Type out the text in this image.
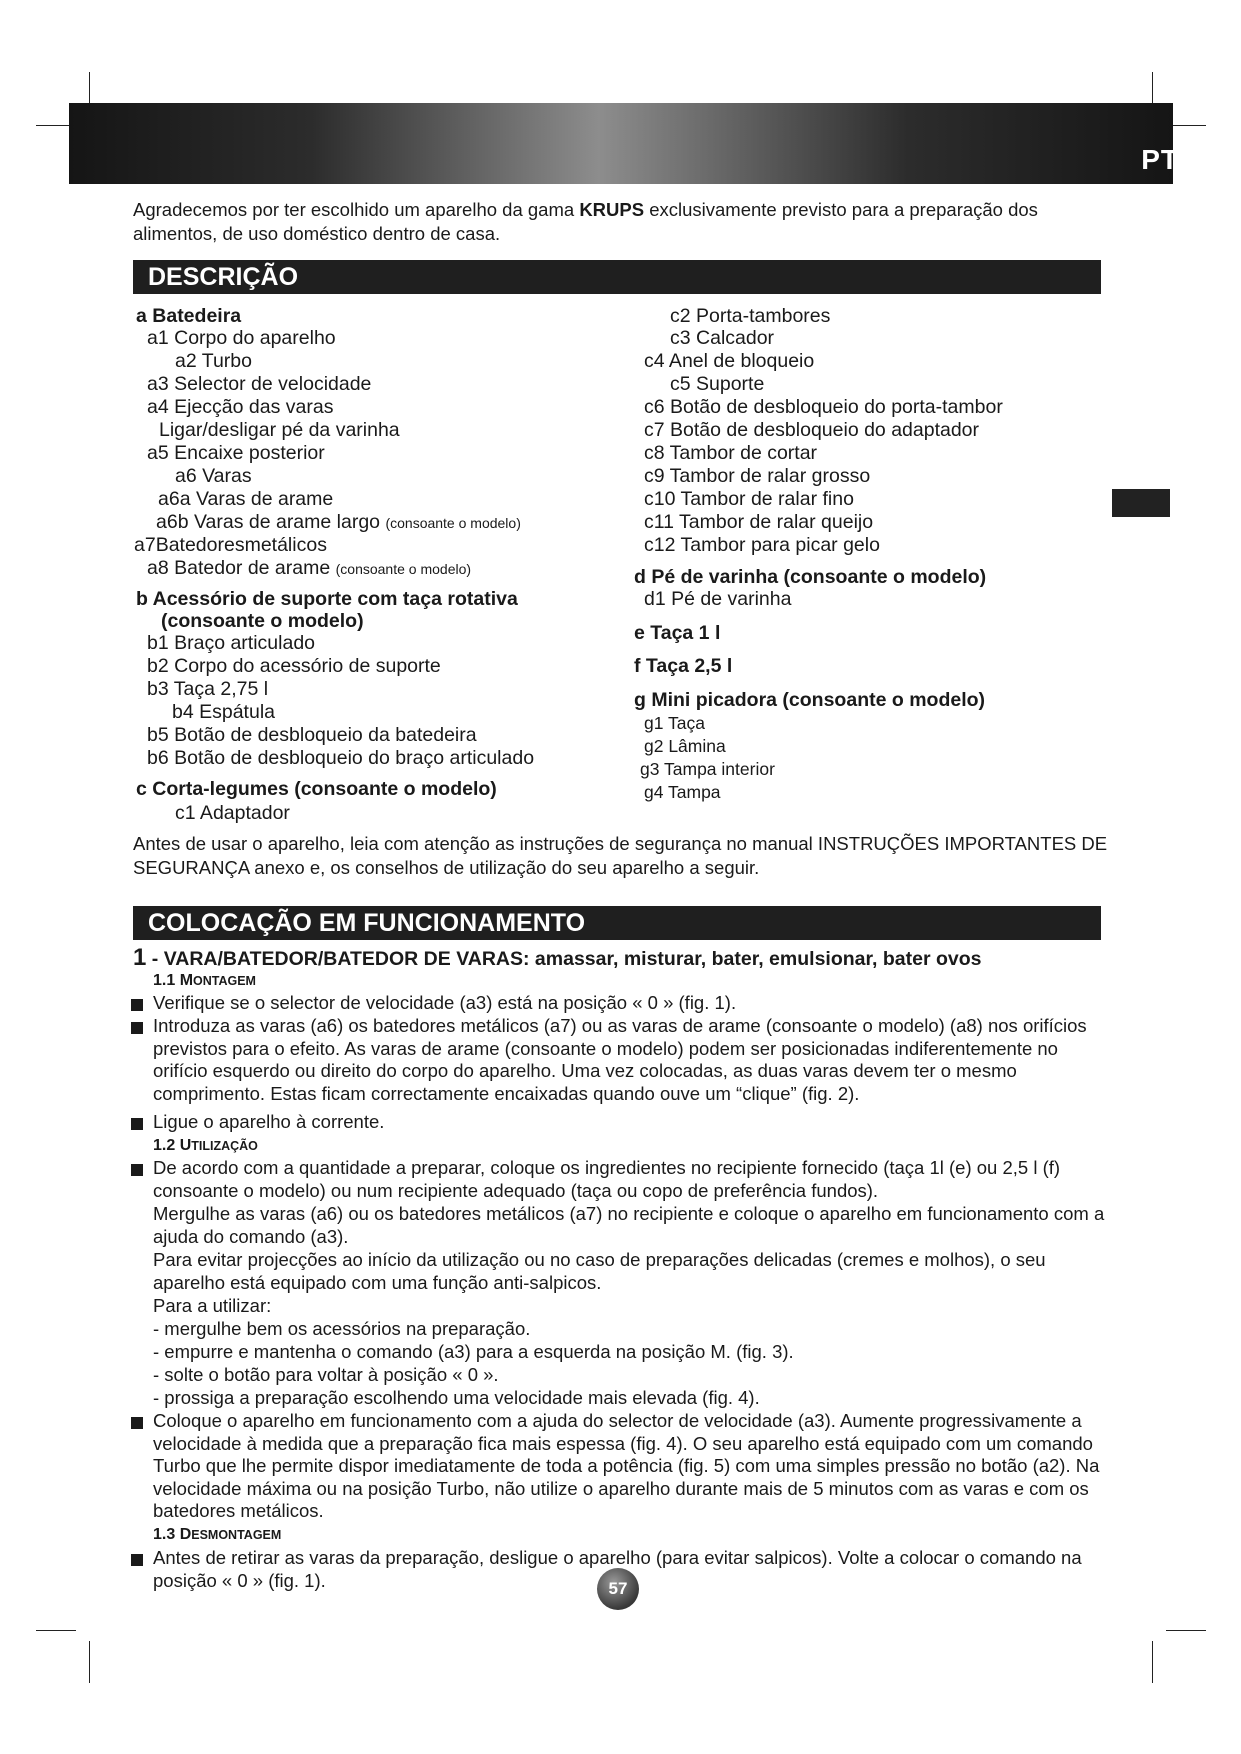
PT
Agradecemos por ter escolhido um aparelho da gama KRUPS exclusivamente previsto para a preparação dos alimentos, de uso doméstico dentro de casa.
DESCRIÇÃO
a Batedeira
a1 Corpo do aparelho
a2 Turbo
a3 Selector de velocidade
a4 Ejecção das varas
Ligar/desligar pé da varinha
a5 Encaixe posterior
a6 Varas
a6a Varas de arame
a6b Varas de arame largo (consoante o modelo)
a7Batedoresmetálicos
a8 Batedor de arame (consoante o modelo)
b Acessório de suporte com taça rotativa
(consoante o modelo)
b1 Braço articulado
b2 Corpo do acessório de suporte
b3 Taça 2,75 l
b4 Espátula
b5 Botão de desbloqueio da batedeira
b6 Botão de desbloqueio do braço articulado
c Corta-legumes (consoante o modelo)
c1 Adaptador
c2 Porta-tambores
c3 Calcador
c4 Anel de bloqueio
c5 Suporte
c6 Botão de desbloqueio do porta-tambor
c7 Botão de desbloqueio do adaptador
c8 Tambor de cortar
c9 Tambor de ralar grosso
c10 Tambor de ralar fino
c11 Tambor de ralar queijo
c12 Tambor para picar gelo
d Pé de varinha (consoante o modelo)
d1 Pé de varinha
e Taça 1 l
f Taça 2,5 l
g Mini picadora (consoante o modelo)
g1 Taça
g2 Lâmina
g3 Tampa interior
g4 Tampa
Antes de usar o aparelho, leia com atenção as instruções de segurança no manual INSTRUÇÕES IMPORTANTES DE SEGURANÇA anexo e, os conselhos de utilização do seu aparelho a seguir.
COLOCAÇÃO EM FUNCIONAMENTO
1 - VARA/BATEDOR/BATEDOR DE VARAS: amassar, misturar, bater, emulsionar, bater ovos
1.1 MONTAGEM
Verifique se o selector de velocidade (a3) está na posição « 0 » (fig. 1).
Introduza as varas (a6) os batedores metálicos (a7) ou as varas de arame (consoante o modelo) (a8) nos orifícios previstos para o efeito. As varas de arame (consoante o modelo) podem ser posicionadas indiferentemente no orifício esquerdo ou direito do corpo do aparelho. Uma vez colocadas, as duas varas devem ter o mesmo comprimento. Estas ficam correctamente encaixadas quando ouve um “clique” (fig. 2).
Ligue o aparelho à corrente.
1.2 UTILIZAÇÃO
De acordo com a quantidade a preparar, coloque os ingredientes no recipiente fornecido (taça 1l (e) ou 2,5 l (f) consoante o modelo) ou num recipiente adequado (taça ou copo de preferência fundos).
Mergulhe as varas (a6) ou os batedores metálicos (a7) no recipiente e coloque o aparelho em funcionamento com a ajuda do comando (a3).
Para evitar projecções ao início da utilização ou no caso de preparações delicadas (cremes e molhos), o seu aparelho está equipado com uma função anti-salpicos.
Para a utilizar:
- mergulhe bem os acessórios na preparação.
- empurre e mantenha o comando (a3) para a esquerda na posição M. (fig. 3).
- solte o botão para voltar à posição « 0 ».
- prossiga a preparação escolhendo uma velocidade mais elevada (fig. 4).
Coloque o aparelho em funcionamento com a ajuda do selector de velocidade (a3). Aumente progressivamente a velocidade à medida que a preparação fica mais espessa (fig. 4). O seu aparelho está equipado com um comando Turbo que lhe permite dispor imediatamente de toda a potência (fig. 5) com uma simples pressão no botão (a2). Na velocidade máxima ou na posição Turbo, não utilize o aparelho durante mais de 5 minutos com as varas e com os batedores metálicos.
1.3 DESMONTAGEM
Antes de retirar as varas da preparação, desligue o aparelho (para evitar salpicos). Volte a colocar o comando na posição « 0 » (fig. 1).	57
